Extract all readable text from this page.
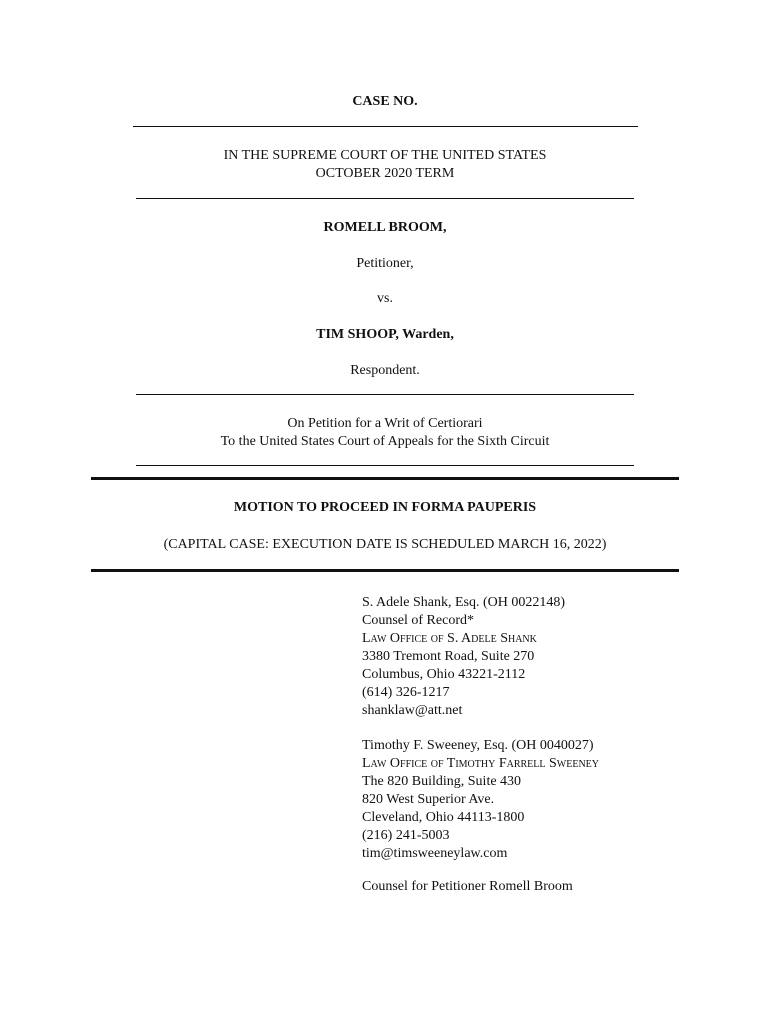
CASE NO.
IN THE SUPREME COURT OF THE UNITED STATES
OCTOBER 2020 TERM
ROMELL BROOM,
Petitioner,
vs.
TIM SHOOP, Warden,
Respondent.
On Petition for a Writ of Certiorari
To the United States Court of Appeals for the Sixth Circuit
MOTION TO PROCEED IN FORMA PAUPERIS
(CAPITAL CASE: EXECUTION DATE IS SCHEDULED MARCH 16, 2022)
S. Adele Shank, Esq. (OH 0022148)
Counsel of Record*
Law Office of S. Adele Shank
3380 Tremont Road, Suite 270
Columbus, Ohio 43221-2112
(614) 326-1217
shanklaw@att.net
Timothy F. Sweeney, Esq. (OH 0040027)
Law Office of Timothy Farrell Sweeney
The 820 Building, Suite 430
820 West Superior Ave.
Cleveland, Ohio 44113-1800
(216) 241-5003
tim@timsweeneylaw.com
Counsel for Petitioner Romell Broom
